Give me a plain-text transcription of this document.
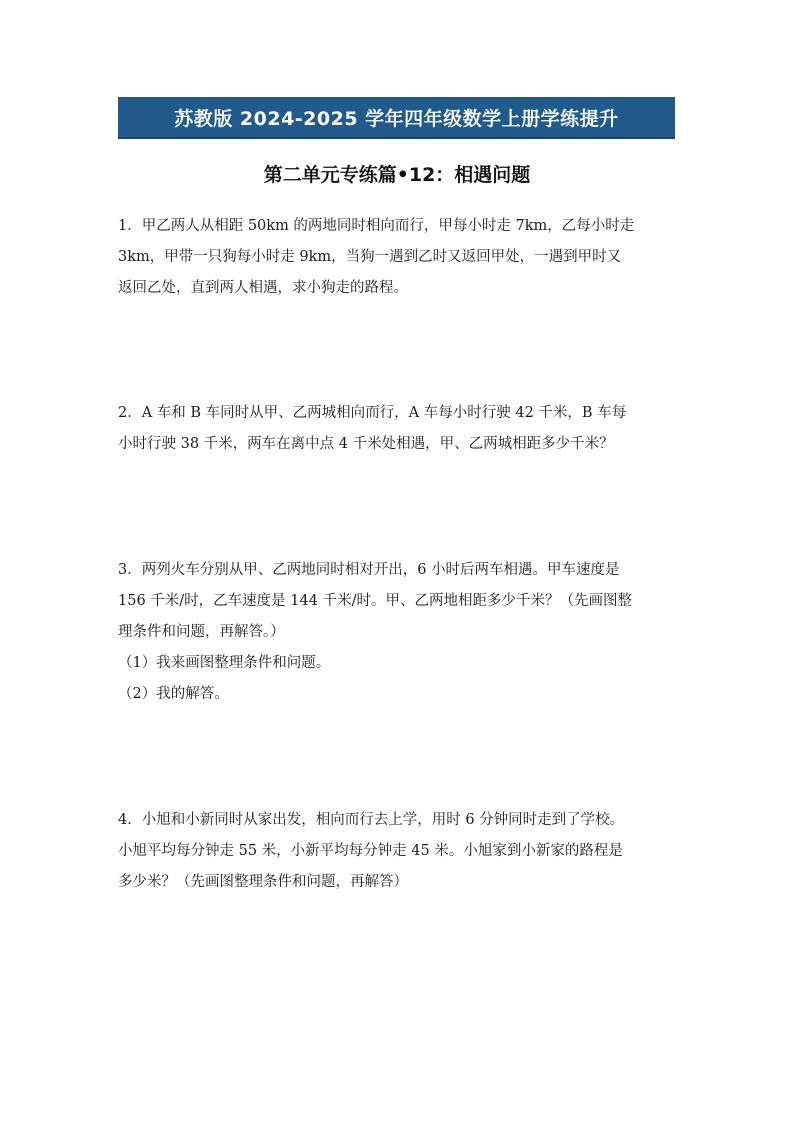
苏教版 2024-2025 学年四年级数学上册学练提升
第二单元专练篇•12：相遇问题
1．甲乙两人从相距 50km 的两地同时相向而行，甲每小时走 7km，乙每小时走
3km，甲带一只狗每小时走 9km，当狗一遇到乙时又返回甲处，一遇到甲时又
返回乙处，直到两人相遇，求小狗走的路程。
2．A 车和 B 车同时从甲、乙两城相向而行，A 车每小时行驶 42 千米，B 车每
小时行驶 38 千米，两车在离中点 4 千米处相遇，甲、乙两城相距多少千米？
3．两列火车分别从甲、乙两地同时相对开出，6 小时后两车相遇。甲车速度是
156 千米/时，乙车速度是 144 千米/时。甲、乙两地相距多少千米？（先画图整
理条件和问题，再解答。）
（1）我来画图整理条件和问题。
（2）我的解答。
4．小旭和小新同时从家出发，相向而行去上学，用时 6 分钟同时走到了学校。
小旭平均每分钟走 55 米，小新平均每分钟走 45 米。小旭家到小新家的路程是
多少米？（先画图整理条件和问题，再解答）
